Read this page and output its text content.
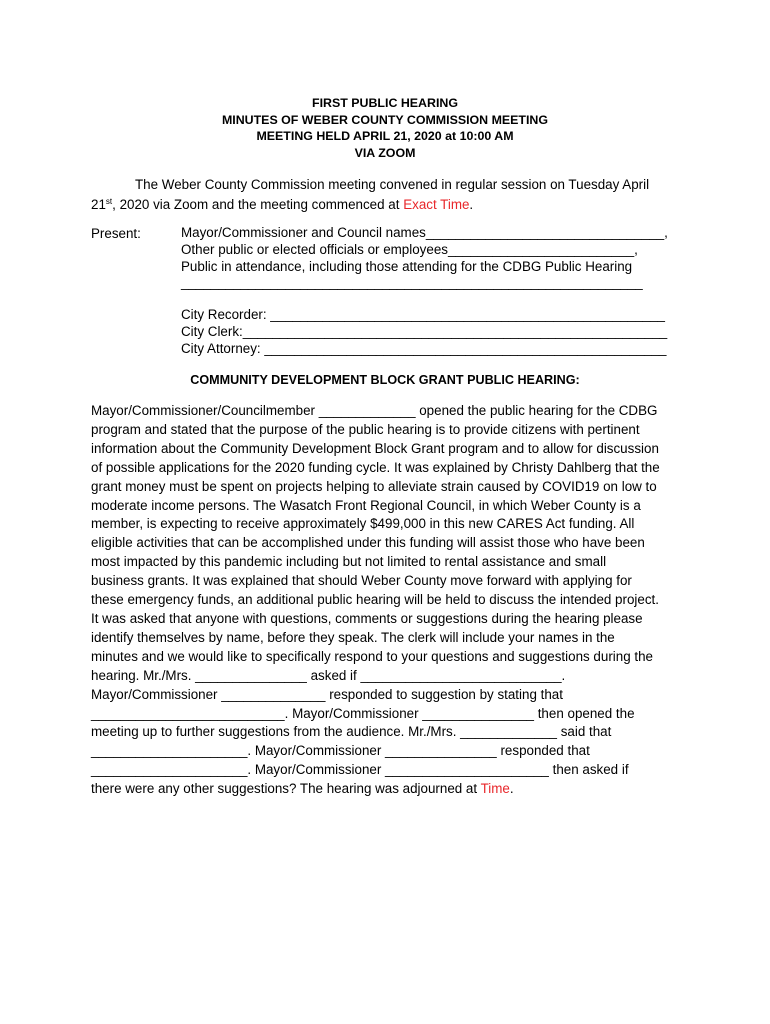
FIRST PUBLIC HEARING
MINUTES OF WEBER COUNTY COMMISSION MEETING
MEETING HELD APRIL 21, 2020 at 10:00 AM
VIA ZOOM
The Weber County Commission meeting convened in regular session on Tuesday April
21st, 2020 via Zoom and the meeting commenced at Exact Time.
Present:	Mayor/Commissioner and Council names________________________________,
Other public or elected officials or employees_________________________,
Public in attendance, including those attending for the CDBG Public Hearing
______________________________________________________________
City Recorder: _____________________________________________________
City Clerk:_________________________________________________________
City Attorney: ______________________________________________________
COMMUNITY DEVELOPMENT BLOCK GRANT PUBLIC HEARING:
Mayor/Commissioner/Councilmember _____________ opened the public hearing for the CDBG
program and stated that the purpose of the public hearing is to provide citizens with pertinent
information about the Community Development Block Grant program and to allow for discussion
of possible applications for the 2020 funding cycle. It was explained by Christy Dahlberg that the
grant money must be spent on projects helping to alleviate strain caused by COVID19 on low to
moderate income persons. The Wasatch Front Regional Council, in which Weber County is a
member, is expecting to receive approximately $499,000 in this new CARES Act funding. All
eligible activities that can be accomplished under this funding will assist those who have been
most impacted by this pandemic including but not limited to rental assistance and small
business grants. It was explained that should Weber County move forward with applying for
these emergency funds, an additional public hearing will be held to discuss the intended project.
It was asked that anyone with questions, comments or suggestions during the hearing please
identify themselves by name, before they speak. The clerk will include your names in the
minutes and we would like to specifically respond to your questions and suggestions during the
hearing. Mr./Mrs. _______________ asked if ___________________________.
Mayor/Commissioner ______________ responded to suggestion by stating that
__________________________. Mayor/Commissioner _______________ then opened the
meeting up to further suggestions from the audience. Mr./Mrs. _____________ said that
_____________________. Mayor/Commissioner _______________ responded that
_____________________. Mayor/Commissioner ______________________ then asked if
there were any other suggestions? The hearing was adjourned at Time.
